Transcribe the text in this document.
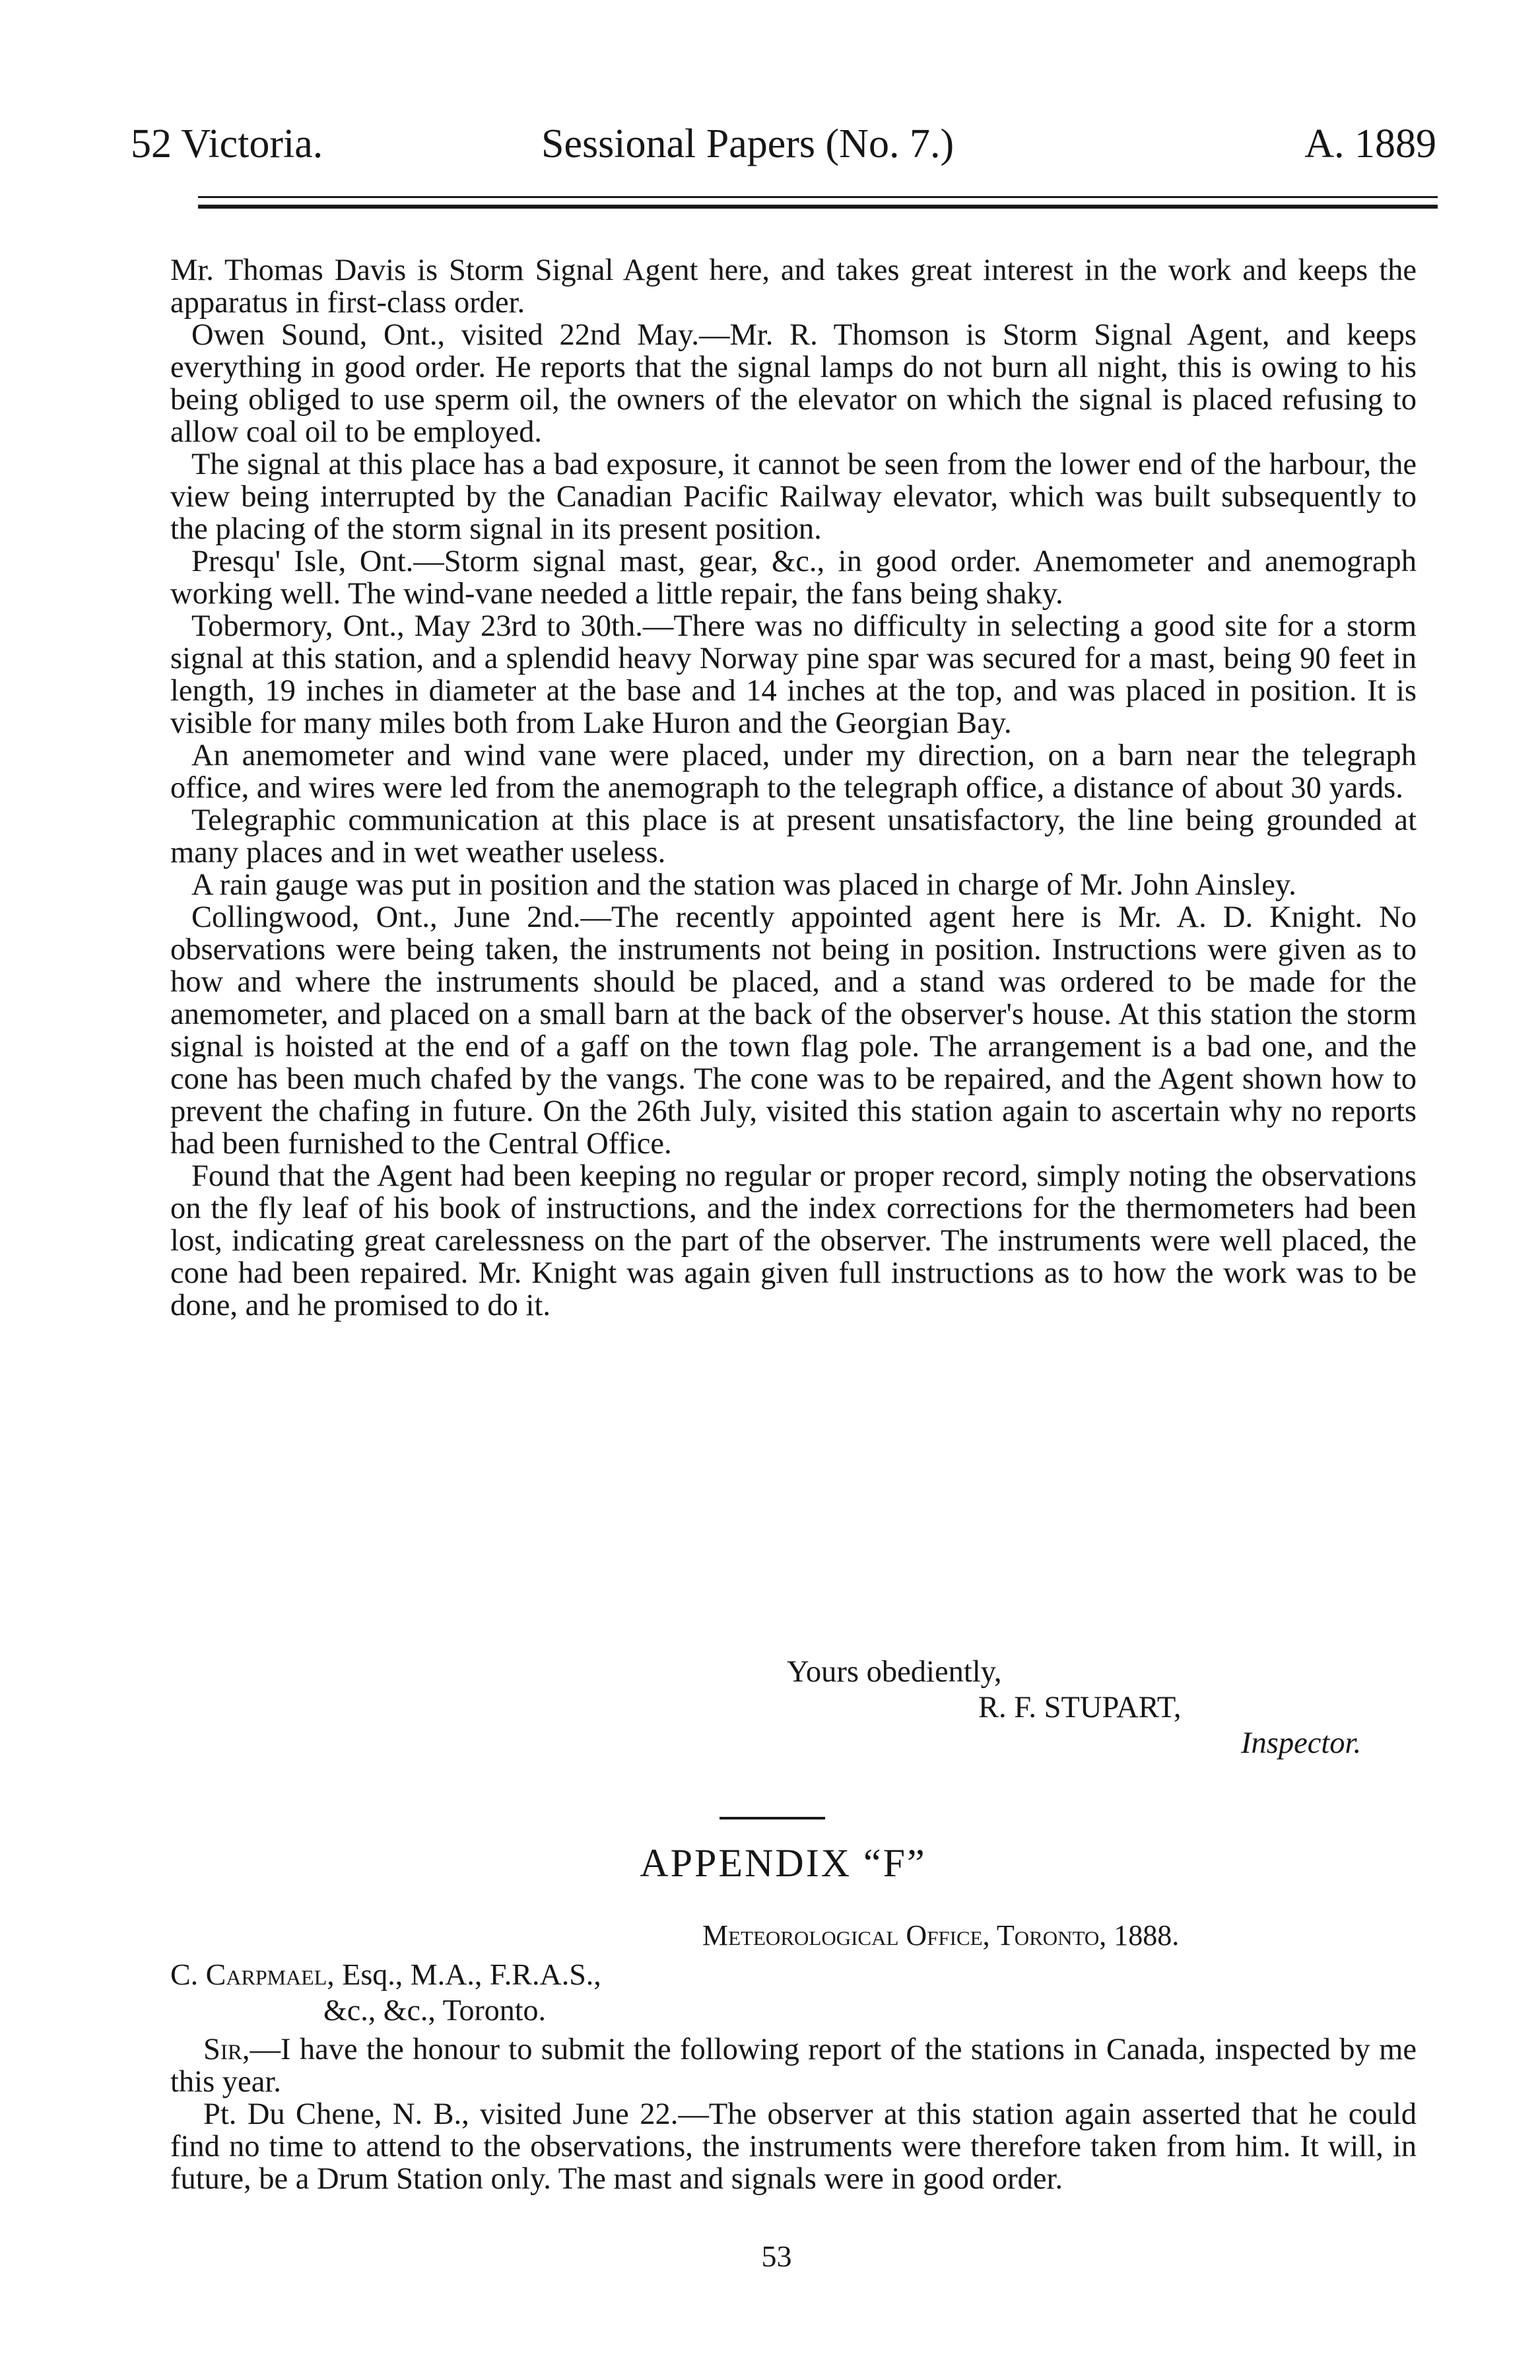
52 Victoria.	Sessional Papers (No. 7.)	A. 1889

Mr. Thomas Davis is Storm Signal Agent here, and takes great interest in the work and keeps the apparatus in first-class order.

Owen Sound, Ont., visited 22nd May.—Mr. R. Thomson is Storm Signal Agent, and keeps everything in good order. He reports that the signal lamps do not burn all night, this is owing to his being obliged to use sperm oil, the owners of the elevator on which the signal is placed refusing to allow coal oil to be employed.

The signal at this place has a bad exposure, it cannot be seen from the lower end of the harbour, the view being interrupted by the Canadian Pacific Railway elevator, which was built subsequently to the placing of the storm signal in its present position.

Presqu' Isle, Ont.—Storm signal mast, gear, &c., in good order. Anemometer and anemograph working well. The wind-vane needed a little repair, the fans being shaky.

Tobermory, Ont., May 23rd to 30th.—There was no difficulty in selecting a good site for a storm signal at this station, and a splendid heavy Norway pine spar was secured for a mast, being 90 feet in length, 19 inches in diameter at the base and 14 inches at the top, and was placed in position. It is visible for many miles both from Lake Huron and the Georgian Bay.

An anemometer and wind vane were placed, under my direction, on a barn near the telegraph office, and wires were led from the anemograph to the telegraph office, a distance of about 30 yards.

Telegraphic communication at this place is at present unsatisfactory, the line being grounded at many places and in wet weather useless.

A rain gauge was put in position and the station was placed in charge of Mr. John Ainsley.

Collingwood, Ont., June 2nd.—The recently appointed agent here is Mr. A. D. Knight. No observations were being taken, the instruments not being in position. Instructions were given as to how and where the instruments should be placed, and a stand was ordered to be made for the anemometer, and placed on a small barn at the back of the observer's house. At this station the storm signal is hoisted at the end of a gaff on the town flag pole. The arrangement is a bad one, and the cone has been much chafed by the vangs. The cone was to be repaired, and the Agent shown how to prevent the chafing in future. On the 26th July, visited this station again to ascertain why no reports had been furnished to the Central Office.

Found that the Agent had been keeping no regular or proper record, simply noting the observations on the fly leaf of his book of instructions, and the index corrections for the thermometers had been lost, indicating great carelessness on the part of the observer. The instruments were well placed, the cone had been repaired. Mr. Knight was again given full instructions as to how the work was to be done, and he promised to do it.

Yours obediently,
R. F. STUPART,
Inspector.
APPENDIX “F”
Meteorological Office, Toronto, 1888.
C. Carpmael, Esq., M.A., F.R.A.S.,
&c., &c., Toronto.

Sir,—I have the honour to submit the following report of the stations in Canada, inspected by me this year.

Pt. Du Chene, N. B., visited June 22.—The observer at this station again asserted that he could find no time to attend to the observations, the instruments were therefore taken from him. It will, in future, be a Drum Station only. The mast and signals were in good order.

53
